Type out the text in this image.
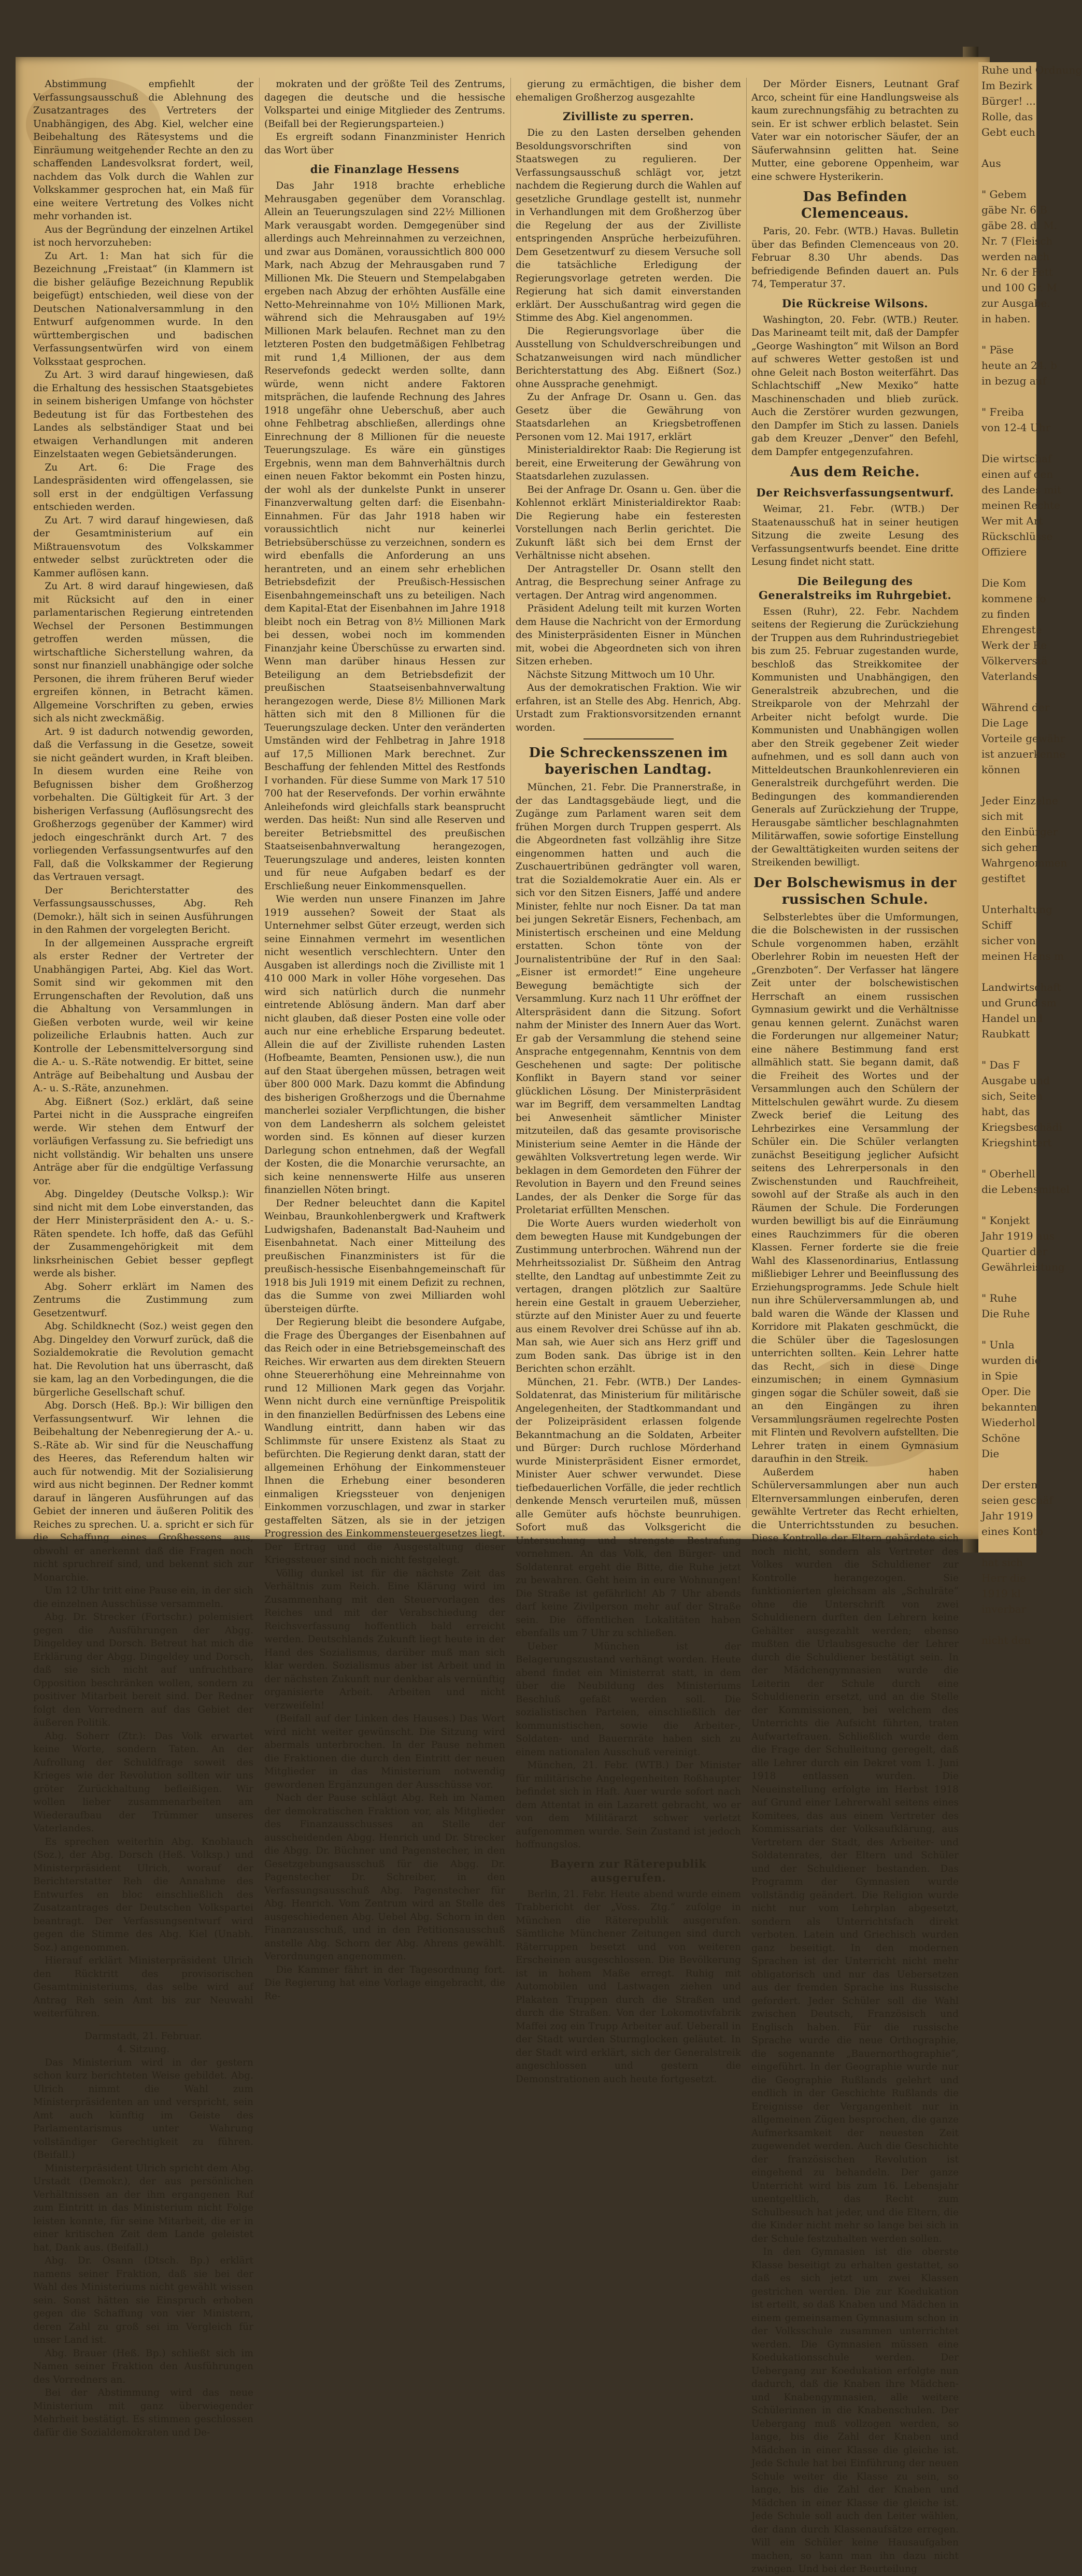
Ruhe und Ordnung
Im Bezirk
Bürger! ...
Rolle, das
Gebt euch

Aus

" Gebem
gäbe Nr. 6 B
gäbe 28. d. M.
Nr. 7 (Fleisch
werden nach
Nr. 6 der Fett
und 100 Gr. M
zur Ausgabe.
in haben.

" Päse
heute an 24. b
in bezug auf

" Freiba
von 12-4 Uhr

Die wirtschaf
einen auf den
des Landes mit
meinen Rechte
Wer mit Art
Rückschlüsse
Offiziere

Die Kom
kommene fo
zu finden
Ehrengeste
Werk der Re
Völkerverstä
Vaterlands

Während der
Die Lage
Vorteile gewähr
ist anzuerkenne
können

Jeder Einzelne
sich mit
den Einbürger
sich gehen
Wahrgenommen
gestiftet

Unterhaltung
Schiff
sicher von
meinen Hans m

Landwirtschaft
und Grund sm
Handel und
Raubkatt

" Das F
Ausgabe und
sich, Seiten
habt, das
Kriegsbeschädi
Kriegshintert

" Oberhell
die Lebensmittel

" Konjekt
Jahr 1919 aus
Quartier der
Gewährleistung

" Ruhe
Die Ruhe

" Unla
wurden die
in Spie
Oper. Die
bekannten
Wiederhol
Schöne
Die

Der ersten
seien geschäf
Jahr 1919
eines Konto

hat sich
Herr die
1919 kl
inverbar

nicht den

Abstimmung empfiehlt der Verfassungsausschuß die Ablehnung des Zusatzantrages des Vertreters der Unabhängigen, des Abg. Kiel, welcher eine Beibehaltung des Rätesystems und die Einräumung weitgehender Rechte an den zu schaffenden Landesvolksrat fordert, weil, nachdem das Volk durch die Wahlen zur Volkskammer gesprochen hat, ein Maß für eine weitere Vertretung des Volkes nicht mehr vorhanden ist.

Aus der Begründung der einzelnen Artikel ist noch hervorzuheben:

Zu Art. 1: Man hat sich für die Bezeichnung „Freistaat“ (in Klammern ist die bisher geläufige Bezeichnung Republik beigefügt) entschieden, weil diese von der Deutschen Nationalversammlung in den Entwurf aufgenommen wurde. In den württembergischen und badischen Verfassungsentwürfen wird von einem Volksstaat gesprochen.

Zu Art. 3 wird darauf hingewiesen, daß die Erhaltung des hessischen Staatsgebietes in seinem bisherigen Umfange von höchster Bedeutung ist für das Fortbestehen des Landes als selbständiger Staat und bei etwaigen Verhandlungen mit anderen Einzelstaaten wegen Gebietsänderungen.

Zu Art. 6: Die Frage des Landespräsidenten wird offengelassen, sie soll erst in der endgültigen Verfassung entschieden werden.

Zu Art. 7 wird darauf hingewiesen, daß der Gesamtministerium auf ein Mißtrauensvotum des Volkskammer entweder selbst zurücktreten oder die Kammer auflösen kann.

Zu Art. 8 wird darauf hingewiesen, daß mit Rücksicht auf den in einer parlamentarischen Regierung eintretenden Wechsel der Personen Bestimmungen getroffen werden müssen, die wirtschaftliche Sicherstellung wahren, da sonst nur finanziell unabhängige oder solche Personen, die ihrem früheren Beruf wieder ergreifen können, in Betracht kämen. Allgemeine Vorschriften zu geben, erwies sich als nicht zweckmäßig.

Art. 9 ist dadurch notwendig geworden, daß die Verfassung in die Gesetze, soweit sie nicht geändert wurden, in Kraft bleiben. In diesem wurden eine Reihe von Befugnissen bisher dem Großherzog vorbehalten. Die Gültigkeit für Art. 3 der bisherigen Verfassung (Auflösungsrecht des Großherzogs gegenüber der Kammer) wird jedoch eingeschränkt durch Art. 7 des vorliegenden Verfassungsentwurfes auf den Fall, daß die Volkskammer der Regierung das Vertrauen versagt.

Der Berichterstatter des Verfassungsausschusses, Abg. Reh (Demokr.), hält sich in seinen Ausführungen in den Rahmen der vorgelegten Bericht.

In der allgemeinen Aussprache ergreift als erster Redner der Vertreter der Unabhängigen Partei, Abg. Kiel das Wort. Somit sind wir gekommen mit den Errungenschaften der Revolution, daß uns die Abhaltung von Versammlungen in Gießen verboten wurde, weil wir keine polizeiliche Erlaubnis hatten. Auch zur Kontrolle der Lebensmittelversorgung sind die A.- u. S.-Räte notwendig. Er bittet, seine Anträge auf Beibehaltung und Ausbau der A.- u. S.-Räte, anzunehmen.

Abg. Eißnert (Soz.) erklärt, daß seine Partei nicht in die Aussprache eingreifen werde. Wir stehen dem Entwurf der vorläufigen Verfassung zu. Sie befriedigt uns nicht vollständig. Wir behalten uns unsere Anträge aber für die endgültige Verfassung vor.

Abg. Dingeldey (Deutsche Volksp.): Wir sind nicht mit dem Lobe einverstanden, das der Herr Ministerpräsident den A.- u. S.-Räten spendete. Ich hoffe, daß das Gefühl der Zusammengehörigkeit mit dem linksrheinischen Gebiet besser gepflegt werde als bisher.

Abg. Soherr erklärt im Namen des Zentrums die Zustimmung zum Gesetzentwurf.

Abg. Schildknecht (Soz.) weist gegen den Abg. Dingeldey den Vorwurf zurück, daß die Sozialdemokratie die Revolution gemacht hat. Die Revolution hat uns überrascht, daß sie kam, lag an den Vorbedingungen, die die bürgerliche Gesellschaft schuf.

Abg. Dorsch (Heß. Bp.): Wir billigen den Verfassungsentwurf. Wir lehnen die Beibehaltung der Nebenregierung der A.- u. S.-Räte ab. Wir sind für die Neuschaffung des Heeres, das Referendum halten wir auch für notwendig. Mit der Sozialisierung wird aus nicht beginnen. Der Redner kommt darauf in längeren Ausführungen auf das Gebiet der inneren und äußeren Politik des Reiches zu sprechen. U. a. spricht er sich für die Schaffung eines Großhessens aus, obwohl er anerkennt daß die Fragen noch nicht spruchreif sind, und bekennt sich zur Monarchie.

Um 12 Uhr tritt eine Pause ein, in der sich die einzelnen Ausschüsse versammeln.

Abg. Dr. Strecker (Fortschr.) polemisiert gegen die Ausführungen der Abgg. Dingeldey und Dorsch. Betreut hat mich die Erklärung der Abgg. Dingeldey und Dorsch, daß sie sich nicht auf unfruchtbare Opposition beschränken wollen, sondern zu positiver Mitarbeit bereit sind. Der Redner folgt den Vorrednern auf das Gebiet der äußeren Politik.

Abg. Soherr (Ztr.): Das Volk erwartet keine Worte, sondern Taten. An der Aufrollung der Schuldfrage soweit des Krieges wie der Revolution sollten wir uns gröter Zurückhaltung befleißigen. Wir wollen lieber zusammenarbeiten am Wiederaufbau der Trümmer unseres Vaterlandes.

Es sprechen weiterhin Abg. Knoblauch (Soz.), der Abg. Dorsch (Heß. Volksp.) und Ministerpräsident Ulrich, worauf der Berichterstatter Reh die Annahme des Entwurfes en bloc einschließlich des Zusatzantrages der Deutschen Volkspartei beantragt. Der Verfassungsentwurf wird gegen die Stimme des Abg. Kiel (Unabh. Soz.) angenommen.

Hierauf erklärt Ministerpräsident Ulrich den Rücktritt des provisorischen Gesamtministeriums, das selbe wird auf Antrag Reh sein Amt bis zur Neuwahl weiterführen.

Darmstadt, 21. Februar.

4. Sitzung.

Das Ministerium wird in der gestern schon kurz berichteten Weise gebildet. Abg. Ulrich nimmt die Wahl zum Ministerpräsidenten an und verspricht, sein Amt auch künftig im Geiste des Parlamentarismus unter Wahrung vollständiger Gerechtigkeit zu führen. (Beifall.)

Ministerpräsident Ulrich spricht dem Abg. Urstadt (Demokr.), der aus persönlichen Verhältnissen an der ihm ergangenen Ruf zum Eintritt in das Ministerium nicht Folge leisten konnte, für seine Mitarbeit, die er in einer kritischen Zeit dem Lande geleistet hat, Dank aus. (Beifall.)

Abg. Dr. Osann (Dtsch. Bp.) erklärt namens seiner Fraktion, daß sie bei der Wahl des Ministeriums nicht gewählt wissen sein. Sonst hätten sie Einspruch erhoben gegen die Schaffung von vier Ministern, deren Zahl zu groß sei im Vergleich für unser Land ist.

Abg. Brauer (Heß. Bp.) schließt sich im Namen seiner Fraktion den Ausführungen des Vorredners an.

Bei der Abstimmung wird das neue Ministerium mit ganz überwiegender Mehrheit bestätigt. Es stimmen geschlossen dafür die Sozialdemokraten und De-

mokraten und der größte Teil des Zentrums, dagegen die deutsche und die hessische Volkspartei und einige Mitglieder des Zentrums. (Beifall bei der Regierungsparteien.)

Es ergreift sodann Finanzminister Henrich das Wort über

die Finanzlage Hessens

Das Jahr 1918 brachte erhebliche Mehrausgaben gegenüber dem Voranschlag. Allein an Teuerungszulagen sind 22½ Millionen Mark verausgabt worden. Demgegenüber sind allerdings auch Mehreinnahmen zu verzeichnen, und zwar aus Domänen, voraussichtlich 800 000 Mark, nach Abzug der Mehrausgaben rund 7 Millionen Mk. Die Steuern und Stempelabgaben ergeben nach Abzug der erhöhten Ausfälle eine Netto-Mehreinnahme von 10½ Millionen Mark, während sich die Mehrausgaben auf 19½ Millionen Mark belaufen. Rechnet man zu den letzteren Posten den budgetmäßigen Fehlbetrag mit rund 1,4 Millionen, der aus dem Reservefonds gedeckt werden sollte, dann würde, wenn nicht andere Faktoren mitsprächen, die laufende Rechnung des Jahres 1918 ungefähr ohne Ueberschuß, aber auch ohne Fehlbetrag abschließen, allerdings ohne Einrechnung der 8 Millionen für die neueste Teuerungszulage. Es wäre ein günstiges Ergebnis, wenn man dem Bahnverhältnis durch einen neuen Faktor bekommt ein Posten hinzu, der wohl als der dunkelste Punkt in unserer Finanzverwaltung gelten darf: die Eisenbahn-Einnahmen. Für das Jahr 1918 haben wir voraussichtlich nicht nur keinerlei Betriebsüberschüsse zu verzeichnen, sondern es wird ebenfalls die Anforderung an uns herantreten, und an einem sehr erheblichen Betriebsdefizit der Preußisch-Hessischen Eisenbahngemeinschaft uns zu beteiligen. Nach dem Kapital-Etat der Eisenbahnen im Jahre 1918 bleibt noch ein Betrag von 8½ Millionen Mark bei dessen, wobei noch im kommenden Finanzjahr keine Überschüsse zu erwarten sind. Wenn man darüber hinaus Hessen zur Beteiligung an dem Betriebsdefizit der preußischen Staatseisenbahnverwaltung herangezogen werde, Diese 8½ Millionen Mark hätten sich mit den 8 Millionen für die Teuerungszulage decken. Unter den veränderten Umständen wird der Fehlbetrag in Jahre 1918 auf 17,5 Millionen Mark berechnet. Zur Beschaffung der fehlenden Mittel des Restfonds I vorhanden. Für diese Summe von Mark 17 510 700 hat der Reservefonds. Der vorhin erwähnte Anleihefonds wird gleichfalls stark beansprucht werden. Das heißt: Nun sind alle Reserven und bereiter Betriebsmittel des preußischen Staatseisenbahnverwaltung herangezogen, Teuerungszulage und anderes, leisten konnten und für neue Aufgaben bedarf es der Erschließung neuer Einkommensquellen.

Wie werden nun unsere Finanzen im Jahre 1919 aussehen? Soweit der Staat als Unternehmer selbst Güter erzeugt, werden sich seine Einnahmen vermehrt im wesentlichen nicht wesentlich verschlechtern. Unter den Ausgaben ist allerdings noch die Zivilliste mit 1 410 000 Mark in voller Höhe vorgesehen. Das wird sich natürlich durch die nunmehr eintretende Ablösung ändern. Man darf aber nicht glauben, daß dieser Posten eine volle oder auch nur eine erhebliche Ersparung bedeutet. Allein die auf der Zivilliste ruhenden Lasten (Hofbeamte, Beamten, Pensionen usw.), die nun auf den Staat übergehen müssen, betragen weit über 800 000 Mark. Dazu kommt die Abfindung des bisherigen Großherzogs und die Übernahme mancherlei sozialer Verpflichtungen, die bisher von dem Landesherrn als solchem geleistet worden sind. Es können auf dieser kurzen Darlegung schon entnehmen, daß der Wegfall der Kosten, die die Monarchie verursachte, an sich keine nennenswerte Hilfe aus unseren finanziellen Nöten bringt.

Der Redner beleuchtet dann die Kapitel Weinbau, Braunkohlenbergwerk und Kraftwerk Ludwigshafen, Badenanstalt Bad-Nauheim und Eisenbahnetat. Nach einer Mitteilung des preußischen Finanzministers ist für die preußisch-hessische Eisenbahngemeinschaft für 1918 bis Juli 1919 mit einem Defizit zu rechnen, das die Summe von zwei Milliarden wohl übersteigen dürfte.

Der Regierung bleibt die besondere Aufgabe, die Frage des Überganges der Eisenbahnen auf das Reich oder in eine Betriebsgemeinschaft des Reiches. Wir erwarten aus dem direkten Steuern ohne Steuererhöhung eine Mehreinnahme von rund 12 Millionen Mark gegen das Vorjahr. Wenn nicht durch eine vernünftige Preispolitik in den finanziellen Bedürfnissen des Lebens eine Wandlung eintritt, dann haben wir das Schlimmste für unsere Existenz als Staat zu befürchten. Die Regierung denkt daran, statt der allgemeinen Erhöhung der Einkommensteuer Ihnen die Erhebung einer besonderen einmaligen Kriegssteuer von denjenigen Einkommen vorzuschlagen, und zwar in starker gestaffelten Sätzen, als sie in der jetzigen Progression des Einkommensteuergesetzes liegt. Der Ertrag und die Ausgestaltung dieser Kriegssteuer sind noch nicht festgelegt.

Völlig dunkel ist für die nächste Zeit das Verhältnis zum Reich. Eine Klärung wird im Zusammenhang mit den Steuervorlagen des Reiches und mit der Verabschiedung der Reichsverfassung hoffentlich bald erreicht werden. Deutschlands Zukunft liegt heute in der Hand des Sozialismus, darüber muß man sich klar werden. Sozialismus aber ist Arbeit und in der nächsten Zukunft nur denkbar als vernünftig organisierte Arbeit. Arbeiten und nicht verzweifeln!

(Beifall auf der Linken des Hauses.) Das Wort wird nicht weiter gewünscht. Die Sitzung wird abermals unterbrochen. In der Pause nehmen die Fraktionen die durch den Eintritt der neuen Mitglieder in das Ministerium notwendig gewordenen Ergänzungen der Ausschüsse vor.

Nach der Pause schlägt Abg. Reh im Namen der demokratischen Fraktion vor, als Mitglieder des Finanzausschusses an Stelle der ausscheidenden Abgg. Henrich und Dr. Strecker die Abgg. Dr. Büchner und Pagenstecher, in den Gesetzgebungsausschuß für die Abgg. Dr. Pagenstecher Dr. Schreiber, in den Verfassungsausschuß Abg. Pagenstecher für Abg. Henrich. Vom Zentrum wird an Stelle des ausgeschiedenen Abg. Uebel Abg. Schorn in den Finanzausschuß, und in den Petitionsausschuß anstelle Abg. Schorn der Abg. Ahrens gewählt. Verordnungen angenommen.

Die Kammer fährt in der Tagesordnung fort. Die Regierung hat eine Vorlage eingebracht, die Re-

gierung zu ermächtigen, die bisher dem ehemaligen Großherzog ausgezahlte

Zivilliste zu sperren.

Die zu den Lasten derselben gehenden Besoldungsvorschriften sind von Staatswegen zu regulieren. Der Verfassungsausschuß schlägt vor, jetzt nachdem die Regierung durch die Wahlen auf gesetzliche Grundlage gestellt ist, nunmehr in Verhandlungen mit dem Großherzog über die Regelung der aus der Zivilliste entspringenden Ansprüche herbeizuführen. Dem Gesetzentwurf zu diesem Versuche soll die tatsächliche Erledigung der Regierungsvorlage getreten werden. Die Regierung hat sich damit einverstanden erklärt. Der Ausschußantrag wird gegen die Stimme des Abg. Kiel angenommen.

Die Regierungsvorlage über die Ausstellung von Schuldverschreibungen und Schatzanweisungen wird nach mündlicher Berichterstattung des Abg. Eißnert (Soz.) ohne Aussprache genehmigt.

Zu der Anfrage Dr. Osann u. Gen. das Gesetz über die Gewährung von Staatsdarlehen an Kriegsbetroffenen Personen vom 12. Mai 1917, erklärt

Ministerialdirektor Raab: Die Regierung ist bereit, eine Erweiterung der Gewährung von Staatsdarlehen zuzulassen.

Bei der Anfrage Dr. Osann u. Gen. über die Kohlennot erklärt Ministerialdirektor Raab: Die Regierung habe ein festeresten Vorstellungen nach Berlin gerichtet. Die Zukunft läßt sich bei dem Ernst der Verhältnisse nicht absehen.

Der Antragsteller Dr. Osann stellt den Antrag, die Besprechung seiner Anfrage zu vertagen. Der Antrag wird angenommen.

Präsident Adelung teilt mit kurzen Worten dem Hause die Nachricht von der Ermordung des Ministerpräsidenten Eisner in München mit, wobei die Abgeordneten sich von ihren Sitzen erheben.

Nächste Sitzung Mittwoch um 10 Uhr.

Aus der demokratischen Fraktion. Wie wir erfahren, ist an Stelle des Abg. Henrich, Abg. Urstadt zum Fraktionsvorsitzenden ernannt worden.

Die Schreckensszenen im bayerischen Landtag.

München, 21. Febr. Die Prannerstraße, in der das Landtagsgebäude liegt, und die Zugänge zum Parlament waren seit dem frühen Morgen durch Truppen gesperrt. Als die Abgeordneten fast vollzählig ihre Sitze eingenommen hatten und auch die Zuschauertribünen gedrängter voll waren, trat die Sozialdemokratie Auer ein. Als er sich vor den Sitzen Eisners, Jaffé und andere Minister, fehlte nur noch Eisner. Da tat man bei jungen Sekretär Eisners, Fechenbach, am Ministertisch erscheinen und eine Meldung erstatten. Schon tönte von der Journalistentribüne der Ruf in den Saal: „Eisner ist ermordet!“ Eine ungeheure Bewegung bemächtigte sich der Versammlung. Kurz nach 11 Uhr eröffnet der Alterspräsident dann die Sitzung. Sofort nahm der Minister des Innern Auer das Wort. Er gab der Versammlung die stehend seine Ansprache entgegennahm, Kenntnis von dem Geschehenen und sagte: Der politische Konflikt in Bayern stand vor seiner glücklichen Lösung. Der Ministerpräsident war im Begriff, dem versammelten Landtag bei Anwesenheit sämtlicher Minister mitzuteilen, daß das gesamte provisorische Ministerium seine Aemter in die Hände der gewählten Volksvertretung legen werde. Wir beklagen in dem Gemordeten den Führer der Revolution in Bayern und den Freund seines Landes, der als Denker die Sorge für das Proletariat erfüllten Menschen.

Die Worte Auers wurden wiederholt von dem bewegten Hause mit Kundgebungen der Zustimmung unterbrochen. Während nun der Mehrheitssozialist Dr. Süßheim den Antrag stellte, den Landtag auf unbestimmte Zeit zu vertagen, drangen plötzlich zur Saaltüre herein eine Gestalt in grauem Ueberzieher, stürzte auf den Minister Auer zu und feuerte aus einem Revolver drei Schüsse auf ihn ab. Man sah, wie Auer sich ans Herz griff und zum Boden sank. Das übrige ist in den Berichten schon erzählt.

München, 21. Febr. (WTB.) Der Landes-Soldatenrat, das Ministerium für militärische Angelegenheiten, der Stadtkommandant und der Polizeipräsident erlassen folgende Bekanntmachung an die Soldaten, Arbeiter und Bürger: Durch ruchlose Mörderhand wurde Ministerpräsident Eisner ermordet, Minister Auer schwer verwundet. Diese tiefbedauerlichen Vorfälle, die jeder rechtlich denkende Mensch verurteilen muß, müssen alle Gemüter aufs höchste beunruhigen. Sofort muß das Volksgericht die Untersuchung und strengste Bestrafung vornehmen. An das Volk, den Bürger- und Soldatenrat ergeht die Bitte, die Ruhe jetzt zu bewahren. Geht heim in eure Wohnungen! Die Straße ist gefährlich! Ab 7 Uhr abends darf keine Zivilperson mehr auf der Straße sein. Die öffentlichen Lokalitäten haben ebenfalls um 7 Uhr zu schließen.

Ueber München ist der Belagerungszustand verhängt worden. Heute abend findet ein Ministerrat statt, in dem über die Neubildung des Ministeriums Beschluß gefaßt werden soll. Die sozialistischen Parteien, einschließlich der kommunistischen, sowie die Arbeiter-, Soldaten- und Bauernräte haben sich zu einem nationalen Ausschuß vereinigt.

München, 21. Febr. (WTB.) Der Minister für militärische Angelegenheiten Roßhaupter befindet sich in Haft. Auer wurde sofort nach dem Attentat in ein Lazarett gebracht, wo er von dem Militärarzt schwer verletzt aufgenommen wurde. Sein Zustand ist jedoch hoffnungslos.

Bayern zur Räterepublik ausgerufen.

Berlin, 21. Febr. Heute abend wurde einem Trabbericht der „Voss. Ztg.“ zufolge in München die Räterepublik ausgerufen. Sämtliche Münchener Zeitungen sind durch Räterruppen besetzt und von weiteren Erscheinen ausgeschlossen. Die Bevölkerung ist in hohem Maße erregt. Ruhig mit Automobilen und Lastwagen ziehen und Plakaten Truppen durch die Straßen und durch die Straßen. Von der Lokomotivfabrik Maffei zog ein Trupp Arbeiter auf. Ueberall in der Stadt wurden Sturmglocken geläutet. In der Stadt wird erklärt, sich der Generalstreik angeschlossen und gestern die Demonstrationen auch heute fortgesetzt.

Der Mörder Eisners, Leutnant Graf Arco, scheint für eine Handlungsweise als kaum zurechnungsfähig zu betrachten zu sein. Er ist schwer erblich belastet. Sein Vater war ein notorischer Säufer, der an Säuferwahnsinn gelitten hat. Seine Mutter, eine geborene Oppenheim, war eine schwere Hysterikerin.

Das Befinden Clemenceaus.

Paris, 20. Febr. (WTB.) Havas. Bulletin über das Befinden Clemenceaus von 20. Februar 8.30 Uhr abends. Das befriedigende Befinden dauert an. Puls 74, Temperatur 37.

Die Rückreise Wilsons.

Washington, 20. Febr. (WTB.) Reuter. Das Marineamt teilt mit, daß der Dampfer „George Washington“ mit Wilson an Bord auf schweres Wetter gestoßen ist und ohne Geleit nach Boston weiterfährt. Das Schlachtschiff „New Mexiko“ hatte Maschinenschaden und blieb zurück. Auch die Zerstörer wurden gezwungen, den Dampfer im Stich zu lassen. Daniels gab dem Kreuzer „Denver“ den Befehl, dem Dampfer entgegenzufahren.

Aus dem Reiche.
Der Reichsverfassungsentwurf.

Weimar, 21. Febr. (WTB.) Der Staatenausschuß hat in seiner heutigen Sitzung die zweite Lesung des Verfassungsentwurfs beendet. Eine dritte Lesung findet nicht statt.

Die Beilegung des Generalstreiks im Ruhrgebiet.

Essen (Ruhr), 22. Febr. Nachdem seitens der Regierung die Zurückziehung der Truppen aus dem Ruhrindustriegebiet bis zum 25. Februar zugestanden wurde, beschloß das Streikkomitee der Kommunisten und Unabhängigen, den Generalstreik abzubrechen, und die Streikparole von der Mehrzahl der Arbeiter nicht befolgt wurde. Die Kommunisten und Unabhängigen wollen aber den Streik gegebener Zeit wieder aufnehmen, und es soll dann auch von Mitteldeutschen Braunkohlenrevieren ein Generalstreik durchgeführt werden. Die Bedingungen des kommandierenden Generals auf Zurückziehung der Truppe, Herausgabe sämtlicher beschlagnahmten Militärwaffen, sowie sofortige Einstellung der Gewalttätigkeiten wurden seitens der Streikenden bewilligt.

Der Bolschewismus in der russischen Schule.

Selbsterlebtes über die Umformungen, die die Bolschewisten in der russischen Schule vorgenommen haben, erzählt Oberlehrer Robin im neuesten Heft der „Grenzboten“. Der Verfasser hat längere Zeit unter der bolschewistischen Herrschaft an einem russischen Gymnasium gewirkt und die Verhältnisse genau kennen gelernt. Zunächst waren die Forderungen nur allgemeiner Natur; eine nähere Bestimmung fand erst allmählich statt. Sie begann damit, daß die Freiheit des Wortes und der Versammlungen auch den Schülern der Mittelschulen gewährt wurde. Zu diesem Zweck berief die Leitung des Lehrbezirkes eine Versammlung der Schüler ein. Die Schüler verlangten zunächst Beseitigung jeglicher Aufsicht seitens des Lehrerpersonals in den Zwischenstunden und Rauchfreiheit, sowohl auf der Straße als auch in den Räumen der Schule. Die Forderungen wurden bewilligt bis auf die Einräumung eines Rauchzimmers für die oberen Klassen. Ferner forderte sie die freie Wahl des Klassenordinarius, Entlassung mißliebiger Lehrer und Beeinflussung des Erziehungsprogramms. Jede Schule hielt nun ihre Schülerversammlungen ab, und bald waren die Wände der Klassen und Korridore mit Plakaten geschmückt, die die Schüler über die Tageslosungen unterrichten sollten. Kein Lehrer hatte das Recht, sich in diese Dinge einzumischen; in einem Gymnasium gingen sogar die Schüler soweit, daß sie an den Eingängen zu ihren Versammlungsräumen regelrechte Posten mit Flinten und Revolvern aufstellten. Die Lehrer traten in einem Gymnasium daraufhin in den Streik.

Außerdem haben Schülerversammlungen aber nun auch Elternversammlungen einberufen, deren gewählte Vertreter das Recht erhielten, die Unterrichtsstunden zu besuchen. Diese Kontrolle der Eltern gebärdete sich noch nicht, sondern als Vertreter des Volkes wurden die Schuldiener zur Kontrolle herangezogen. Sie funktionierten gleichsam als „Schulräte“ ohne die Unterschrift von zwei Schuldienern durften den Lehrern keine Gehälter ausgezahlt werden; ebenso mußten die Urlaubsgesuche der Lehrer durch die Schuldiener bestätigt sein. In der Mädchengymnasien wurde die Leiterin der Schule durch eine Schuldienerin ersetzt, und an die Stelle der Kommissionen, bei welchem des Unterrichts die Aufsicht führten, traten Aufwartefrauen. Schließlich wurde dem die Frage der Schulleitung geregelt, daß alle Lehrer durch ein Dekret vom 1. Juni 1918 entlassen wurden. Die Neueinstellung erfolgte im Herbst 1918 auf Grund einer Lehrerwahl seitens eines Komitees, das aus einem Vertreter des Kommissariats der Volksaufklärung, aus Vertretern der Stadt, des Arbeiter- und Soldatenrates, der Eltern und Schüler und der Schuldiener bestanden. Das Programm der Gymnasien wurde vollständig geändert. Die Religion wurde nicht nur vom Lehrplan abgesetzt, sondern als Unterrichtsfach direkt verboten. Latein und Griechisch wurden ganz beseitigt. In den modernen Sprachen ist der Unterricht nicht mehr obligatorisch und nur das Uebersetzen aus der fremden Sprache ins Russische gefordert. Jeder Schüler soll die Wahl zwischen Deutsch, Französisch und Englisch haben. Für die russische Sprache wurde die neue Orthographie, die sogenannte „Bauernorthographie“, eingeführt. In der Geographie wurde nur die Geographie Rußlands gelehrt und endlich in der Geschichte Rußlands die Ereignisse der Vergangenheit nur in allgemeinen Zügen besprochen, die ganze Aufmerksamkeit der neuesten Zeit zugewendet werden. Auch die Geschichte der französischen Revolution ist eingehend zu behandeln. Der ganze Unterricht wird bis zum 16. Lebensjahr unentgeltlich, das Recht zum Schulbesuch hat jeder, und die Eltern, die die Kinder nicht mehr so lange bei sich in der Schule festzuhalten werden sollen.

In den Gymnasien ist die oberste Klasse beseitigt zu erhalten gestattet, so daß es sich jetzt um zwei Klassen gestrichen werden. Die zur Koedukation ist erteilt, so daß Knaben und Mädchen in einem gemeinsamen Gymnasium schon in der Volksschule zusammen unterrichtet werden. Die Gymnasien müssen eine Koedukationsschule werden. Der Uebergang zur Koedukation erfolgte nun dadurch, daß die Knaben ihre Mädchen- und Knabengymnasien, alle weitere Schülerinnen in die Knabenschulen. Der Uebergang muß vollzogen werden, so lange, bis die Zahl der Knaben und Mädchen in einer Klasse die gleiche ist. Jede Schule hat bei Einführung der neuen Schule weiter die Klasse zu sein, so lange, bis die Zahl der Knaben und Mädchen in einer Klasse die gleiche ist. Jede Schule soll auch den Leiter wählen, der dann durch Klassenaufsätze erregen. Will ein Schüler keine Hausaufgaben machen, so kann man ihn dazu nicht zwingen. Und bei der Beurteilung
